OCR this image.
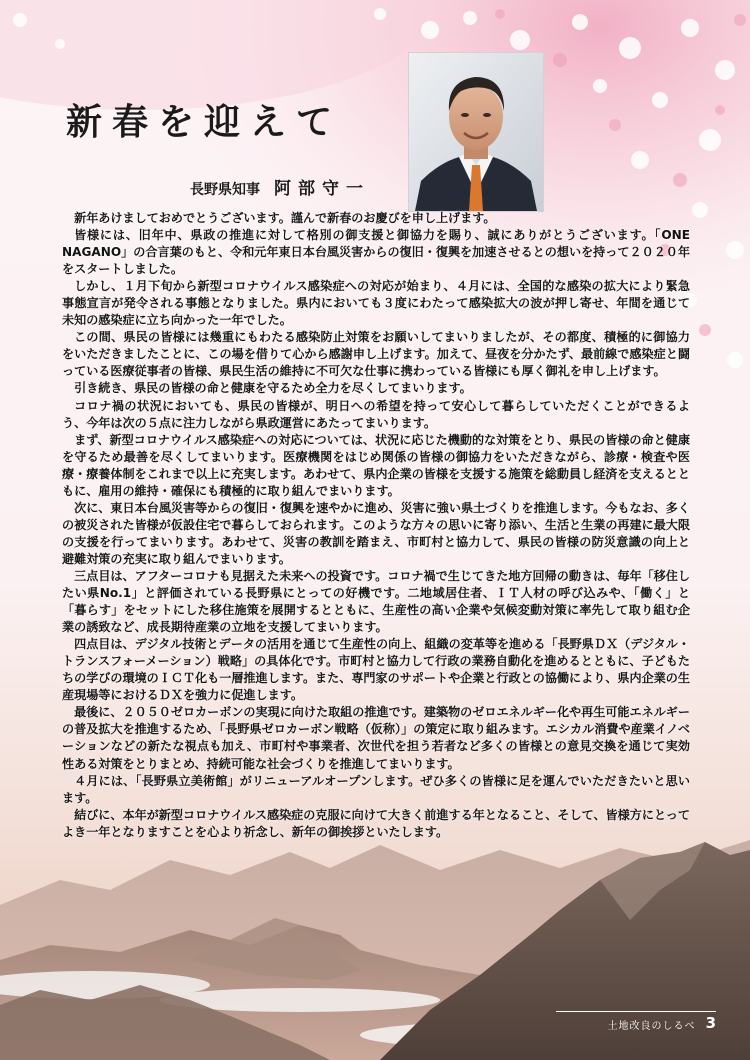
新春を迎えて
長野県知事 阿部守一

新年あけましておめでとうございます。謹んで新春のお慶びを申し上げます。

皆様には、旧年中、県政の推進に対して格別の御支援と御協力を賜り、誠にありがとうございます。「ONE NAGANO」の合言葉のもと、令和元年東日本台風災害からの復旧・復興を加速させるとの想いを持って２０２０年をスタートしました。

しかし、１月下旬から新型コロナウイルス感染症への対応が始まり、４月には、全国的な感染の拡大により緊急事態宣言が発令される事態となりました。県内においても３度にわたって感染拡大の波が押し寄せ、年間を通じて未知の感染症に立ち向かった一年でした。

この間、県民の皆様には幾重にもわたる感染防止対策をお願いしてまいりましたが、その都度、積極的に御協力をいただきましたことに、この場を借りて心から感謝申し上げます。加えて、昼夜を分かたず、最前線で感染症と闘っている医療従事者の皆様、県民生活の維持に不可欠な仕事に携わっている皆様にも厚く御礼を申し上げます。

引き続き、県民の皆様の命と健康を守るため全力を尽くしてまいります。

コロナ禍の状況においても、県民の皆様が、明日への希望を持って安心して暮らしていただくことができるよう、今年は次の５点に注力しながら県政運営にあたってまいります。

まず、新型コロナウイルス感染症への対応については、状況に応じた機動的な対策をとり、県民の皆様の命と健康を守るため最善を尽くしてまいります。医療機関をはじめ関係の皆様の御協力をいただきながら、診療・検査や医療・療養体制をこれまで以上に充実します。あわせて、県内企業の皆様を支援する施策を総動員し経済を支えるとともに、雇用の維持・確保にも積極的に取り組んでまいります。

次に、東日本台風災害等からの復旧・復興を速やかに進め、災害に強い県土づくりを推進します。今もなお、多くの被災された皆様が仮設住宅で暮らしておられます。このような方々の思いに寄り添い、生活と生業の再建に最大限の支援を行ってまいります。あわせて、災害の教訓を踏まえ、市町村と協力して、県民の皆様の防災意識の向上と避難対策の充実に取り組んでまいります。

三点目は、アフターコロナも見据えた未来への投資です。コロナ禍で生じてきた地方回帰の動きは、毎年「移住したい県No.1」と評価されている長野県にとっての好機です。二地域居住者、ＩＴ人材の呼び込みや、「働く」と「暮らす」をセットにした移住施策を展開するとともに、生産性の高い企業や気候変動対策に率先して取り組む企業の誘致など、成長期待産業の立地を支援してまいります。

四点目は、デジタル技術とデータの活用を通じて生産性の向上、組織の変革等を進める「長野県ＤＸ（デジタル・トランスフォーメーション）戦略」の具体化です。市町村と協力して行政の業務自動化を進めるとともに、子どもたちの学びの環境のＩＣＴ化も一層推進します。また、専門家のサポートや企業と行政との協働により、県内企業の生産現場等におけるＤＸを強力に促進します。

最後に、２０５０ゼロカーボンの実現に向けた取組の推進です。建築物のゼロエネルギー化や再生可能エネルギーの普及拡大を推進するため、「長野県ゼロカーボン戦略（仮称）」の策定に取り組みます。エシカル消費や産業イノベーションなどの新たな視点も加え、市町村や事業者、次世代を担う若者など多くの皆様との意見交換を通じて実効性ある対策をとりまとめ、持続可能な社会づくりを推進してまいります。

４月には、「長野県立美術館」がリニューアルオープンします。ぜひ多くの皆様に足を運んでいただきたいと思います。

結びに、本年が新型コロナウイルス感染症の克服に向けて大きく前進する年となること、そして、皆様方にとってよき一年となりますことを心より祈念し、新年の御挨拶といたします。

土地改良のしるべ 3
